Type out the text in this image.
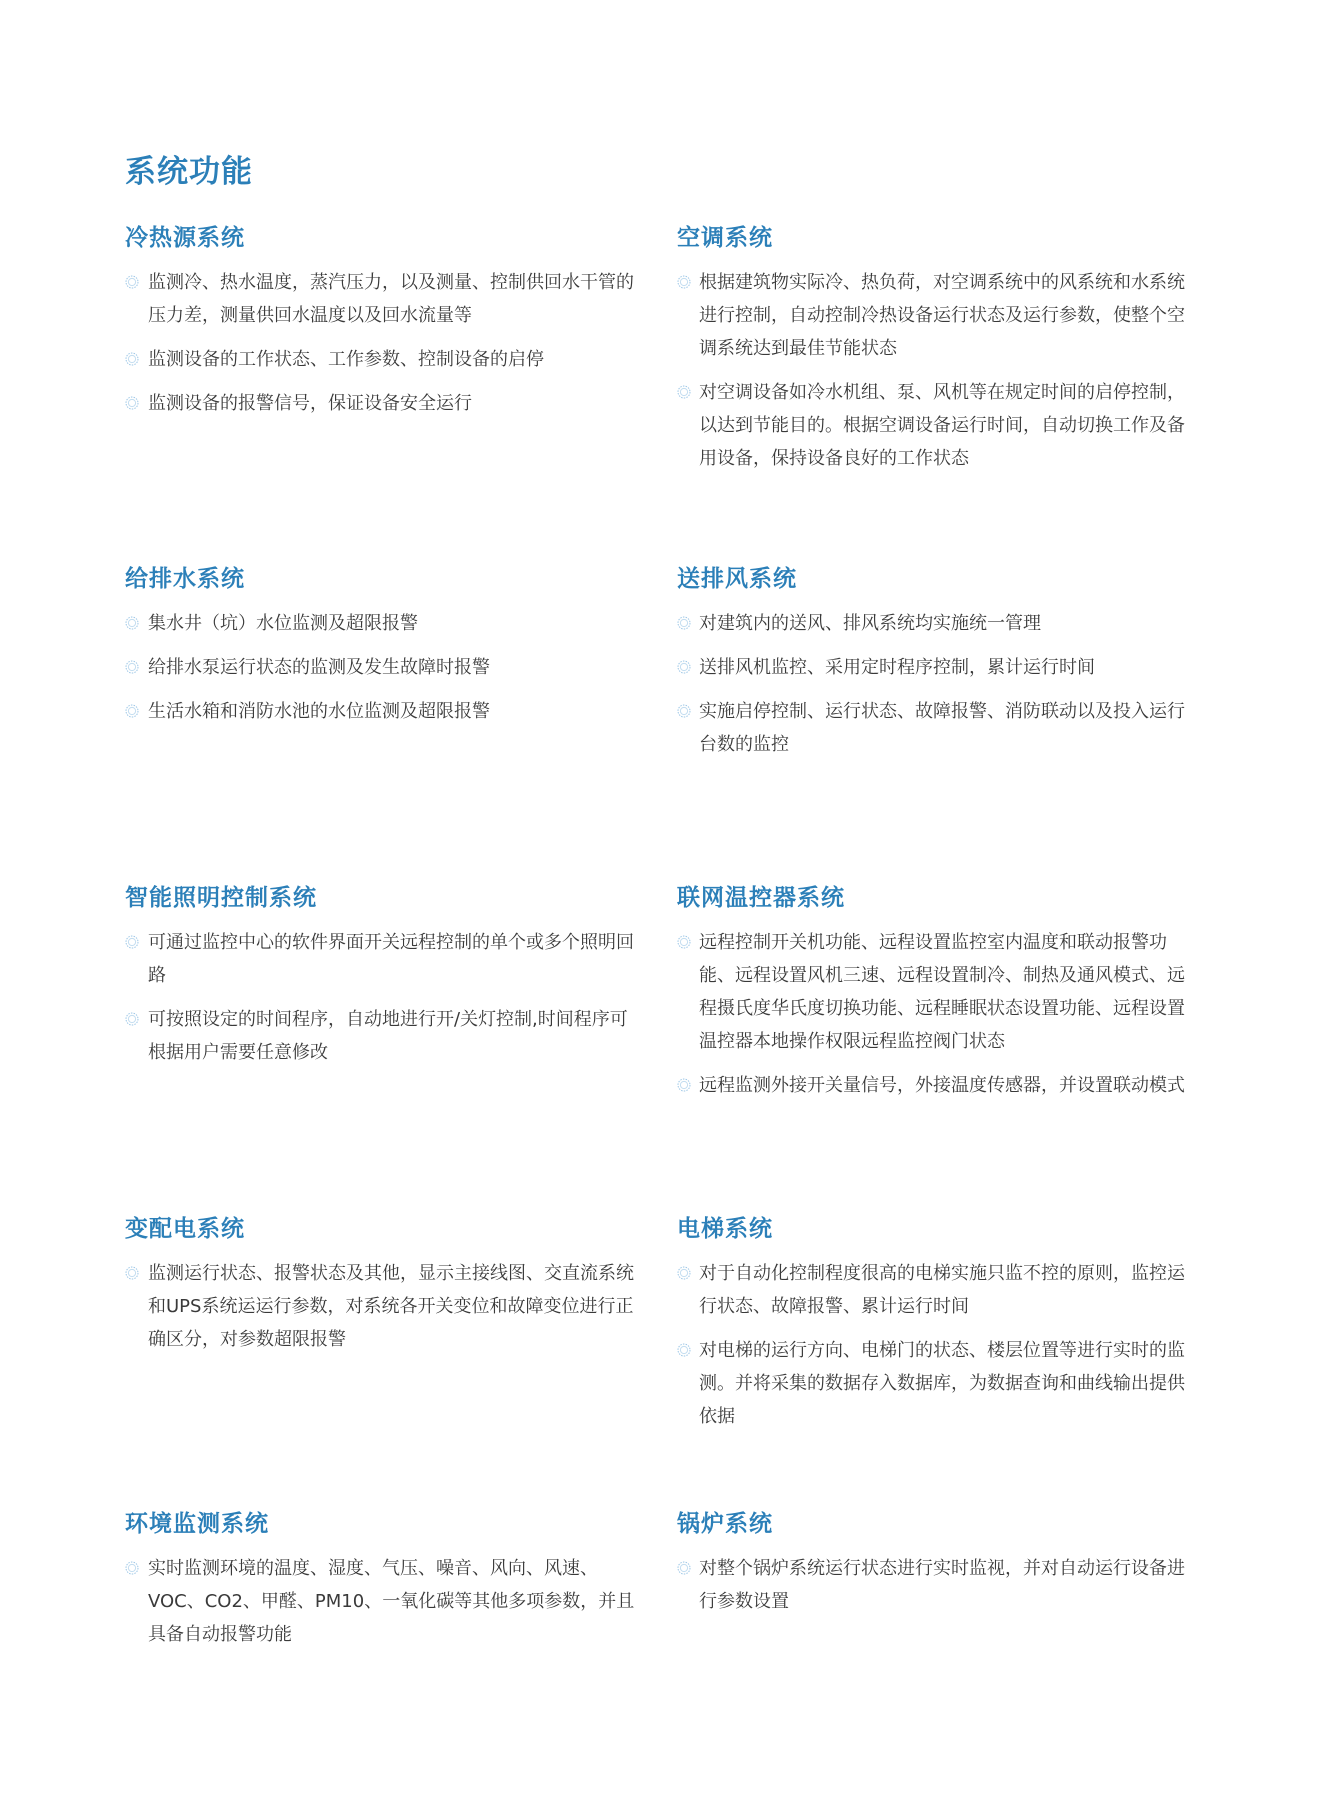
系统功能
冷热源系统
监测冷、热水温度，蒸汽压力，以及测量、控制供回水干管的压力差，测量供回水温度以及回水流量等
监测设备的工作状态、工作参数、控制设备的启停
监测设备的报警信号，保证设备安全运行
空调系统
根据建筑物实际冷、热负荷，对空调系统中的风系统和水系统进行控制，自动控制冷热设备运行状态及运行参数，使整个空调系统达到最佳节能状态
对空调设备如冷水机组、泵、风机等在规定时间的启停控制，以达到节能目的。根据空调设备运行时间，自动切换工作及备用设备，保持设备良好的工作状态
给排水系统
集水井（坑）水位监测及超限报警
给排水泵运行状态的监测及发生故障时报警
生活水箱和消防水池的水位监测及超限报警
送排风系统
对建筑内的送风、排风系统均实施统一管理
送排风机监控、采用定时程序控制，累计运行时间
实施启停控制、运行状态、故障报警、消防联动以及投入运行台数的监控
智能照明控制系统
可通过监控中心的软件界面开关远程控制的单个或多个照明回路
可按照设定的时间程序，自动地进行开/关灯控制,时间程序可根据用户需要任意修改
联网温控器系统
远程控制开关机功能、远程设置监控室内温度和联动报警功能、远程设置风机三速、远程设置制冷、制热及通风模式、远程摄氏度华氏度切换功能、远程睡眠状态设置功能、远程设置温控器本地操作权限远程监控阀门状态
远程监测外接开关量信号，外接温度传感器，并设置联动模式
变配电系统
监测运行状态、报警状态及其他，显示主接线图、交直流系统和UPS系统运运行参数，对系统各开关变位和故障变位进行正确区分，对参数超限报警
电梯系统
对于自动化控制程度很高的电梯实施只监不控的原则，监控运行状态、故障报警、累计运行时间
对电梯的运行方向、电梯门的状态、楼层位置等进行实时的监测。并将采集的数据存入数据库，为数据查询和曲线输出提供依据
环境监测系统
实时监测环境的温度、湿度、气压、噪音、风向、风速、VOC、CO2、甲醛、PM10、一氧化碳等其他多项参数，并且具备自动报警功能
锅炉系统
对整个锅炉系统运行状态进行实时监视，并对自动运行设备进行参数设置
